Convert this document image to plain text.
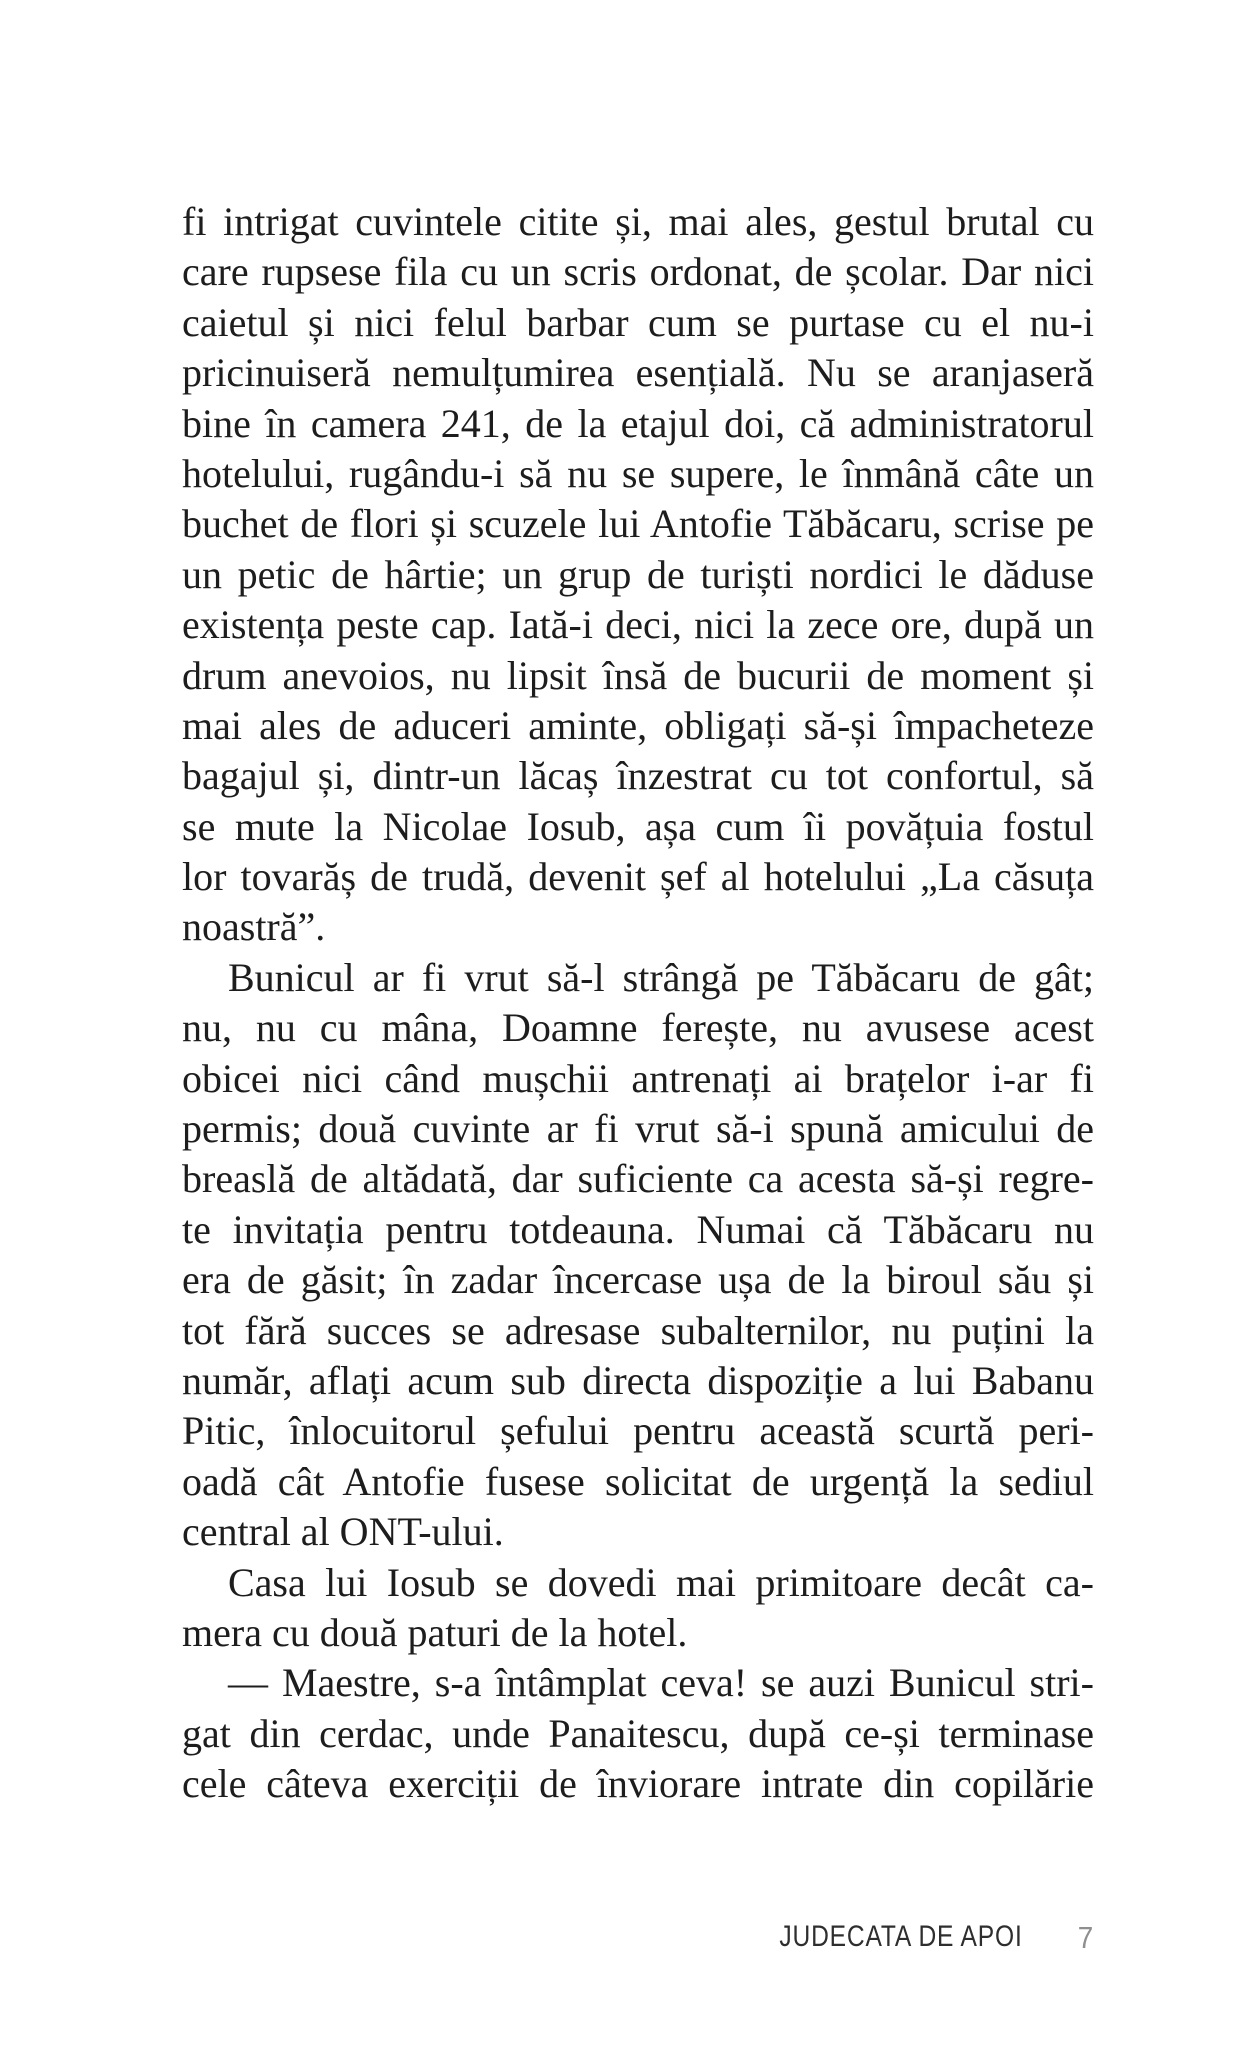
fi intrigat cuvintele citite și, mai ales, gestul brutal cu
care rupsese fila cu un scris ordonat, de școlar. Dar nici
caietul și nici felul barbar cum se purtase cu el nu-i
pricinuiseră nemulțumirea esențială. Nu se aranjaseră
bine în camera 241, de la etajul doi, că administratorul
hotelului, rugându-i să nu se supere, le înmână câte un
buchet de flori și scuzele lui Antofie Tăbăcaru, scrise pe
un petic de hârtie; un grup de turiști nordici le dăduse
existența peste cap. Iată-i deci, nici la zece ore, după un
drum anevoios, nu lipsit însă de bucurii de moment și
mai ales de aduceri aminte, obligați să-și împacheteze
bagajul și, dintr-un lăcaș înzestrat cu tot confortul, să
se mute la Nicolae Iosub, așa cum îi povățuia fostul
lor tovarăș de trudă, devenit șef al hotelului „La căsuța
noastră”.
Bunicul ar fi vrut să-l strângă pe Tăbăcaru de gât;
nu, nu cu mâna, Doamne ferește, nu avusese acest
obicei nici când mușchii antrenați ai brațelor i-ar fi
permis; două cuvinte ar fi vrut să-i spună amicului de
breaslă de altădată, dar suficiente ca acesta să-și regre-
te invitația pentru totdeauna. Numai că Tăbăcaru nu
era de găsit; în zadar încercase ușa de la biroul său și
tot fără succes se adresase subalternilor, nu puțini la
număr, aflați acum sub directa dispoziție a lui Babanu
Pitic, înlocuitorul șefului pentru această scurtă peri-
oadă cât Antofie fusese solicitat de urgență la sediul
central al ONT-ului.
Casa lui Iosub se dovedi mai primitoare decât ca-
mera cu două paturi de la hotel.
— Maestre, s-a întâmplat ceva! se auzi Bunicul stri-
gat din cerdac, unde Panaitescu, după ce-și terminase
cele câteva exerciții de înviorare intrate din copilărie
JUDECATA DE APOI 7
